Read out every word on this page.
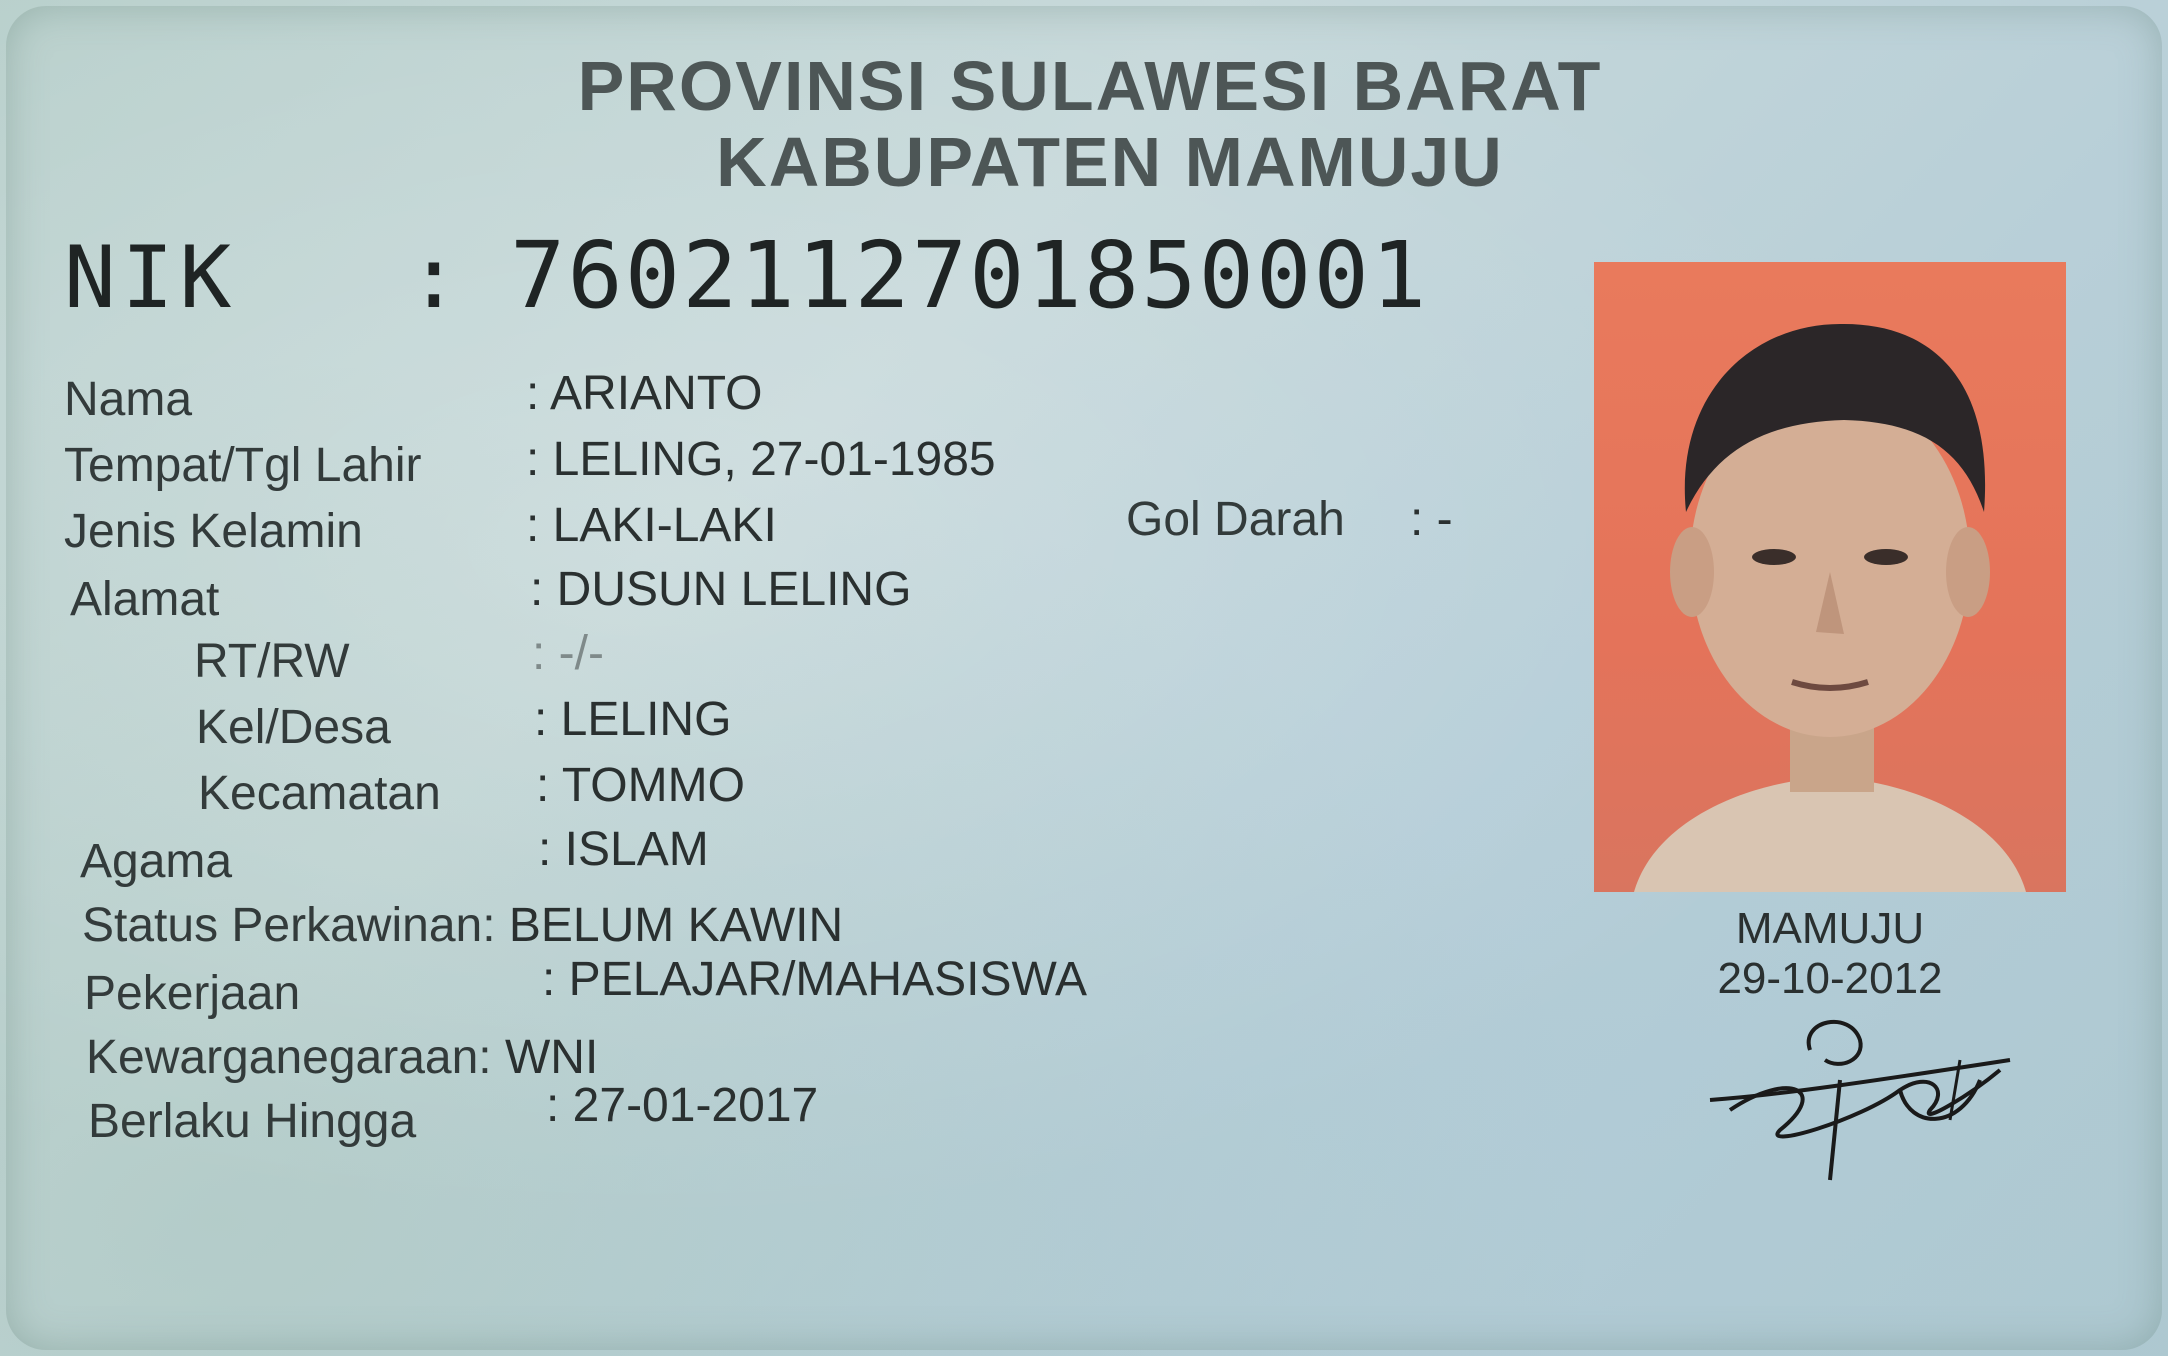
PROVINSI SULAWESI BARAT
KABUPATEN MAMUJU
NIK : 7602112701850001
Nama	: ARIANTO
Tempat/Tgl Lahir : LELING, 27-01-1985
Jenis Kelamin	: LAKI-LAKI	Gol Darah : -
Alamat	: DUSUN LELING
RT/RW	: -/-
Kel/Desa	: LELING
Kecamatan : TOMMO
Agama	: ISLAM
Status Perkawinan: BELUM KAWIN
Pekerjaan	: PELAJAR/MAHASISWA
Kewarganegaraan: WNI
Berlaku Hingga	: 27-01-2017
MAMUJU
29-10-2012
